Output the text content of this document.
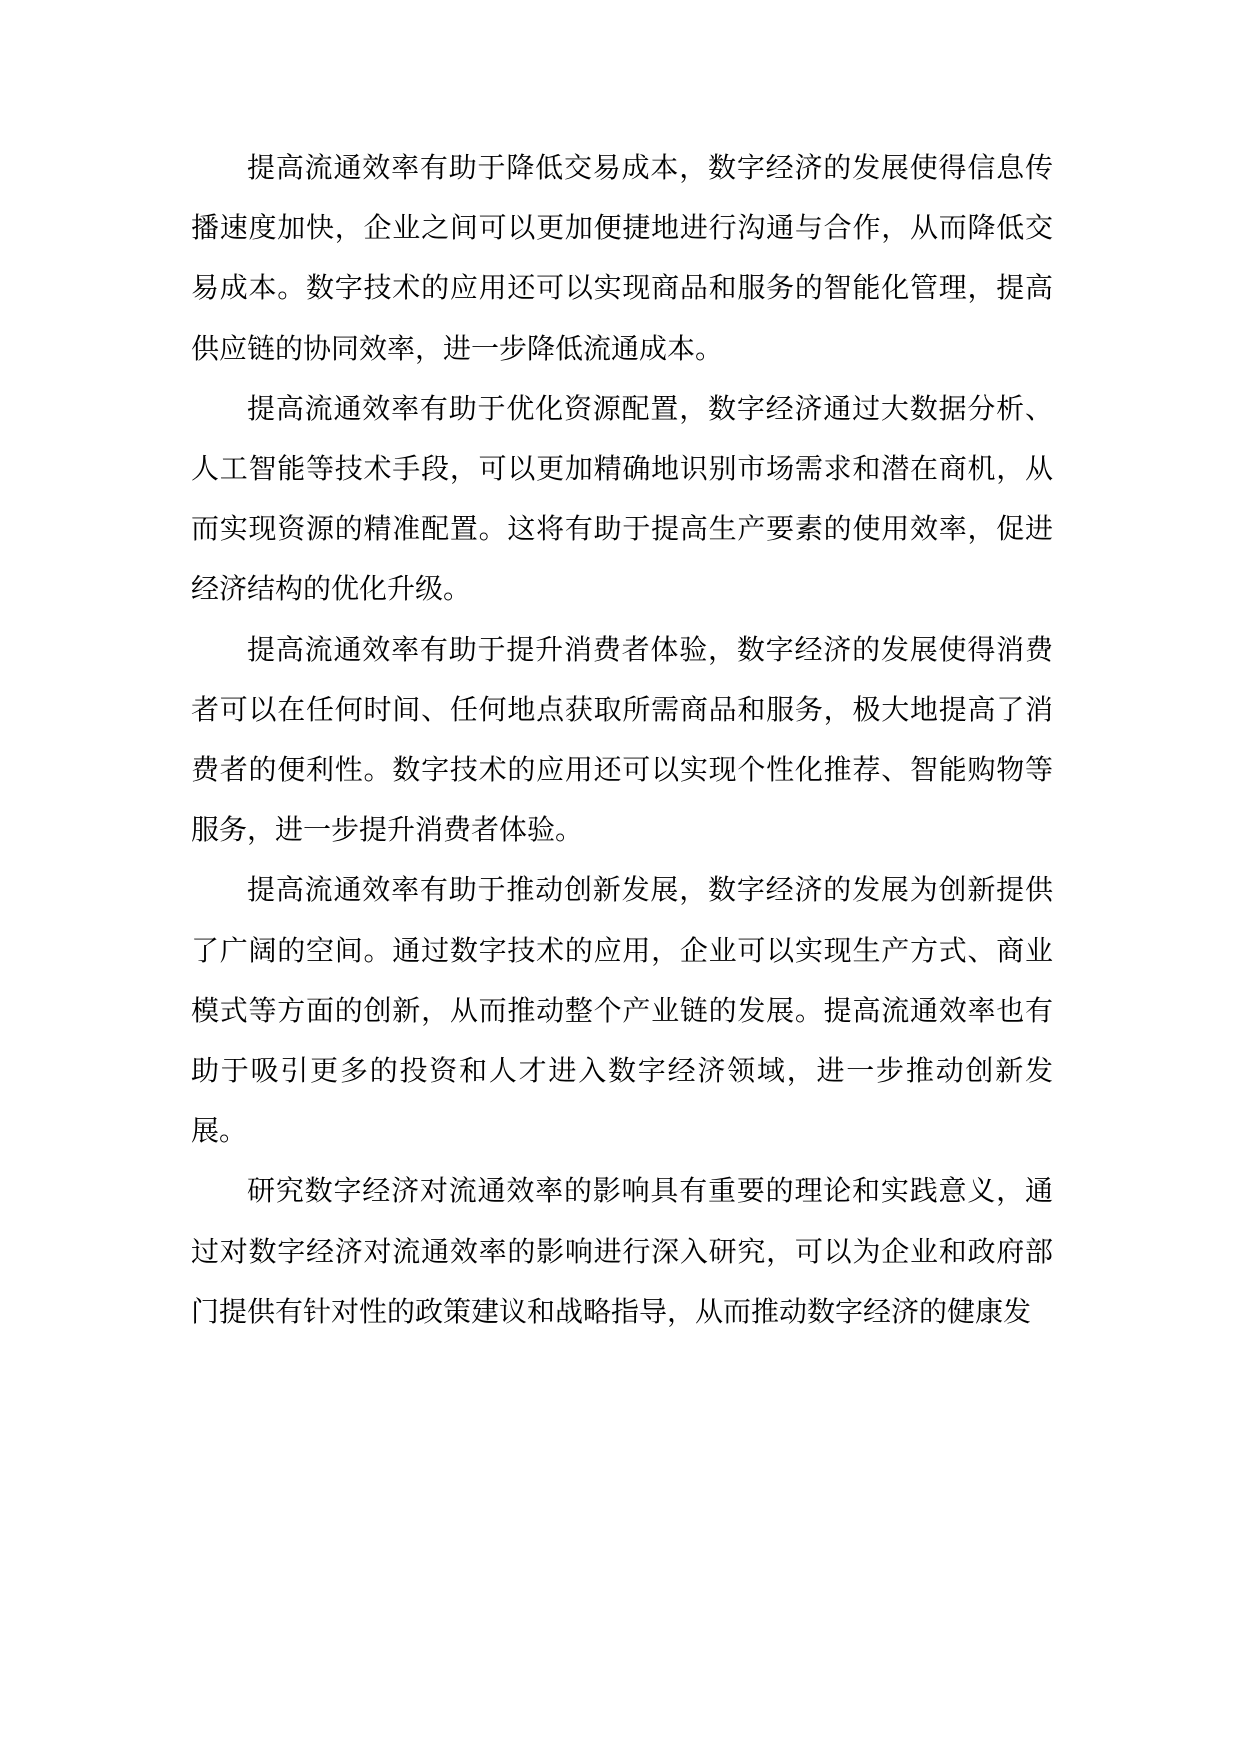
提高流通效率有助于降低交易成本，数字经济的发展使得信息传播速度加快，企业之间可以更加便捷地进行沟通与合作，从而降低交易成本。数字技术的应用还可以实现商品和服务的智能化管理，提高供应链的协同效率，进一步降低流通成本。

提高流通效率有助于优化资源配置，数字经济通过大数据分析、人工智能等技术手段，可以更加精确地识别市场需求和潜在商机，从而实现资源的精准配置。这将有助于提高生产要素的使用效率，促进经济结构的优化升级。

提高流通效率有助于提升消费者体验，数字经济的发展使得消费者可以在任何时间、任何地点获取所需商品和服务，极大地提高了消费者的便利性。数字技术的应用还可以实现个性化推荐、智能购物等服务，进一步提升消费者体验。

提高流通效率有助于推动创新发展，数字经济的发展为创新提供了广阔的空间。通过数字技术的应用，企业可以实现生产方式、商业模式等方面的创新，从而推动整个产业链的发展。提高流通效率也有助于吸引更多的投资和人才进入数字经济领域，进一步推动创新发展。

研究数字经济对流通效率的影响具有重要的理论和实践意义，通过对数字经济对流通效率的影响进行深入研究，可以为企业和政府部门提供有针对性的政策建议和战略指导，从而推动数字经济的健康发
